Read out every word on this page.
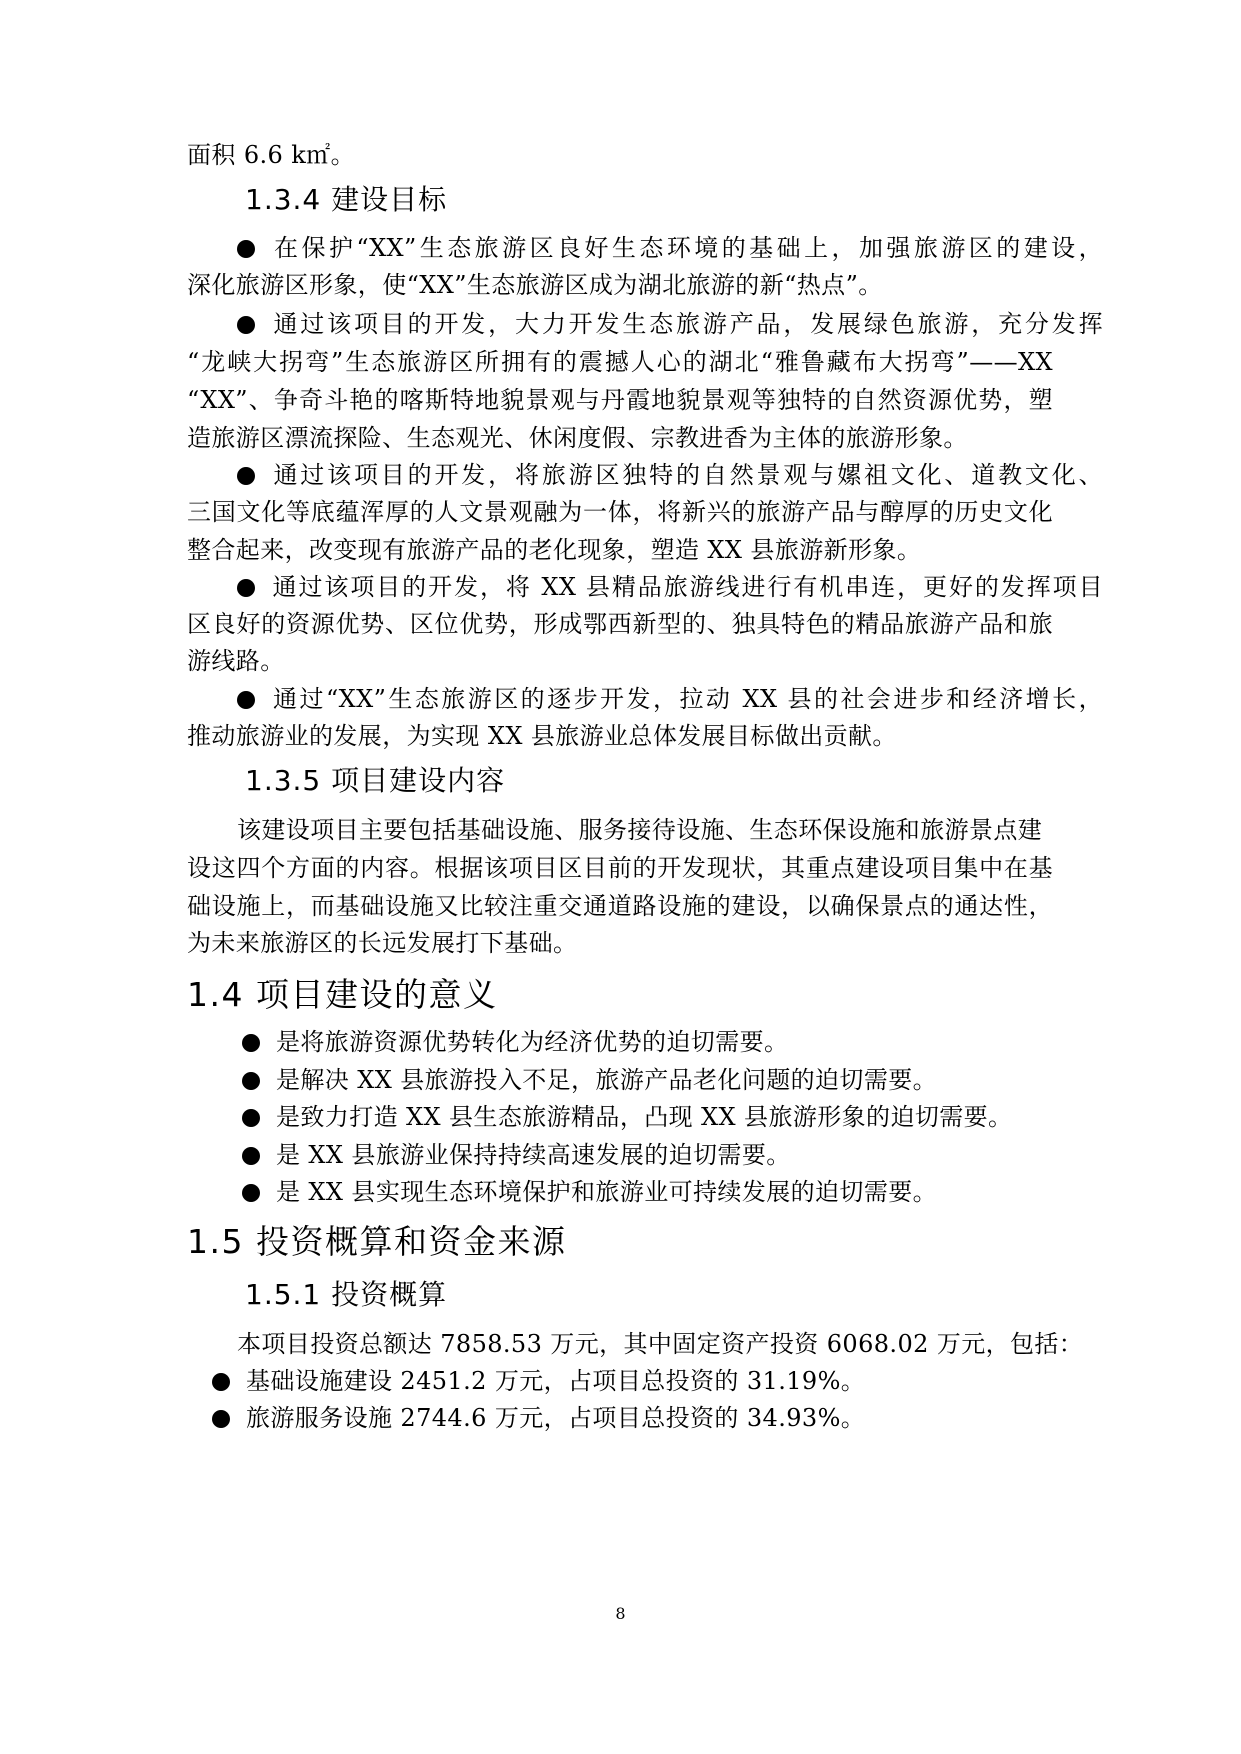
面积 6.6 k㎡。
1.3.4 建设目标
在保护“XX”生态旅游区良好生态环境的基础上，加强旅游区的建设，
深化旅游区形象，使“XX”生态旅游区成为湖北旅游的新“热点”。
通过该项目的开发，大力开发生态旅游产品，发展绿色旅游，充分发挥
“龙峡大拐弯”生态旅游区所拥有的震撼人心的湖北“雅鲁藏布大拐弯”——XX
“XX”、争奇斗艳的喀斯特地貌景观与丹霞地貌景观等独特的自然资源优势，塑
造旅游区漂流探险、生态观光、休闲度假、宗教进香为主体的旅游形象。
通过该项目的开发，将旅游区独特的自然景观与嫘祖文化、道教文化、
三国文化等底蕴浑厚的人文景观融为一体，将新兴的旅游产品与醇厚的历史文化
整合起来，改变现有旅游产品的老化现象，塑造 XX 县旅游新形象。
通过该项目的开发，将 XX 县精品旅游线进行有机串连，更好的发挥项目
区良好的资源优势、区位优势，形成鄂西新型的、独具特色的精品旅游产品和旅
游线路。
通过“XX”生态旅游区的逐步开发，拉动 XX 县的社会进步和经济增长，
推动旅游业的发展，为实现 XX 县旅游业总体发展目标做出贡献。
1.3.5 项目建设内容
该建设项目主要包括基础设施、服务接待设施、生态环保设施和旅游景点建
设这四个方面的内容。根据该项目区目前的开发现状，其重点建设项目集中在基
础设施上，而基础设施又比较注重交通道路设施的建设，以确保景点的通达性，
为未来旅游区的长远发展打下基础。
1.4 项目建设的意义
是将旅游资源优势转化为经济优势的迫切需要。
是解决 XX 县旅游投入不足，旅游产品老化问题的迫切需要。
是致力打造 XX 县生态旅游精品，凸现 XX 县旅游形象的迫切需要。
是 XX 县旅游业保持持续高速发展的迫切需要。
是 XX 县实现生态环境保护和旅游业可持续发展的迫切需要。
1.5 投资概算和资金来源
1.5.1 投资概算
本项目投资总额达 7858.53 万元，其中固定资产投资 6068.02 万元，包括：
基础设施建设 2451.2 万元，占项目总投资的 31.19%。
旅游服务设施 2744.6 万元，占项目总投资的 34.93%。
8
